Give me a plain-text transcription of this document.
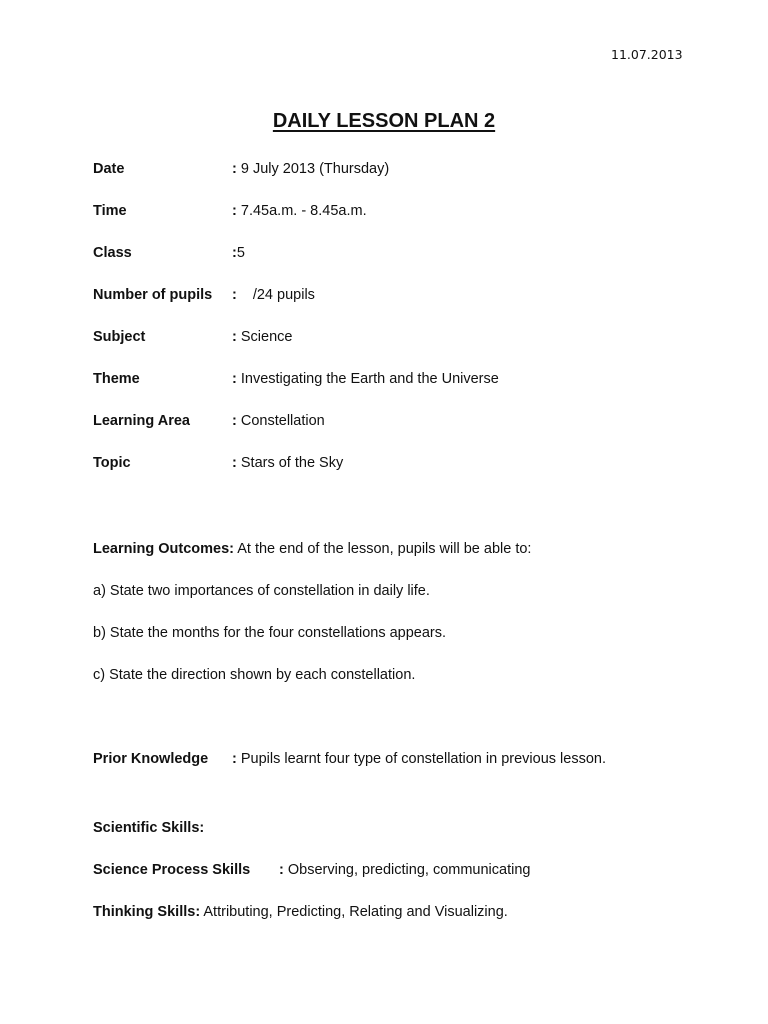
11.07.2013
DAILY LESSON PLAN 2
Date	: 9 July 2013 (Thursday)
Time	: 7.45a.m. - 8.45a.m.
Class	:5
Number of pupils : /24 pupils
Subject	: Science
Theme	: Investigating the Earth and the Universe
Learning Area	: Constellation
Topic	: Stars of the Sky
Learning Outcomes: At the end of the lesson, pupils will be able to:
a) State two importances of constellation in daily life.
b) State the months for the four constellations appears.
c) State the direction shown by each constellation.
Prior Knowledge : Pupils learnt four type of constellation in previous lesson.
Scientific Skills:
Science Process Skills : Observing, predicting, communicating
Thinking Skills: Attributing, Predicting, Relating and Visualizing.
